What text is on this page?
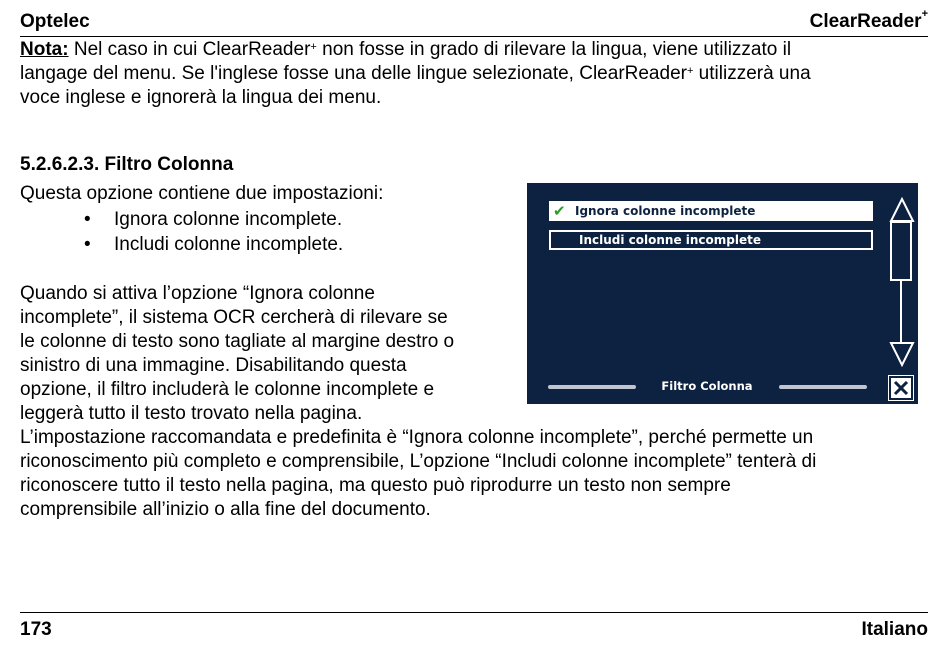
Optelec	ClearReader+
Nota: Nel caso in cui ClearReader+ non fosse in grado di rilevare la lingua, viene utilizzato il
langage del menu. Se l'inglese fosse una delle lingue selezionate, ClearReader+ utilizzerà una
voce inglese e ignorerà la lingua dei menu.
5.2.6.2.3. Filtro Colonna
Questa opzione contiene due impostazioni:
• Ignora colonne incomplete.
• Includi colonne incomplete.
Quando si attiva l’opzione “Ignora colonne
incomplete”, il sistema OCR cercherà di rilevare se
le colonne di testo sono tagliate al margine destro o
sinistro di una immagine. Disabilitando questa
opzione, il filtro includerà le colonne incomplete e
leggerà tutto il testo trovato nella pagina.
L’impostazione raccomandata e predefinita è “Ignora colonne incomplete”, perché permette un
riconoscimento più completo e comprensibile, L’opzione “Includi colonne incomplete” tenterà di
riconoscere tutto il testo nella pagina, ma questo può riprodurre un testo non sempre
comprensibile all’inizio o alla fine del documento.
✔ Ignora colonne incomplete
Includi colonne incomplete
Filtro Colonna
173	Italiano
